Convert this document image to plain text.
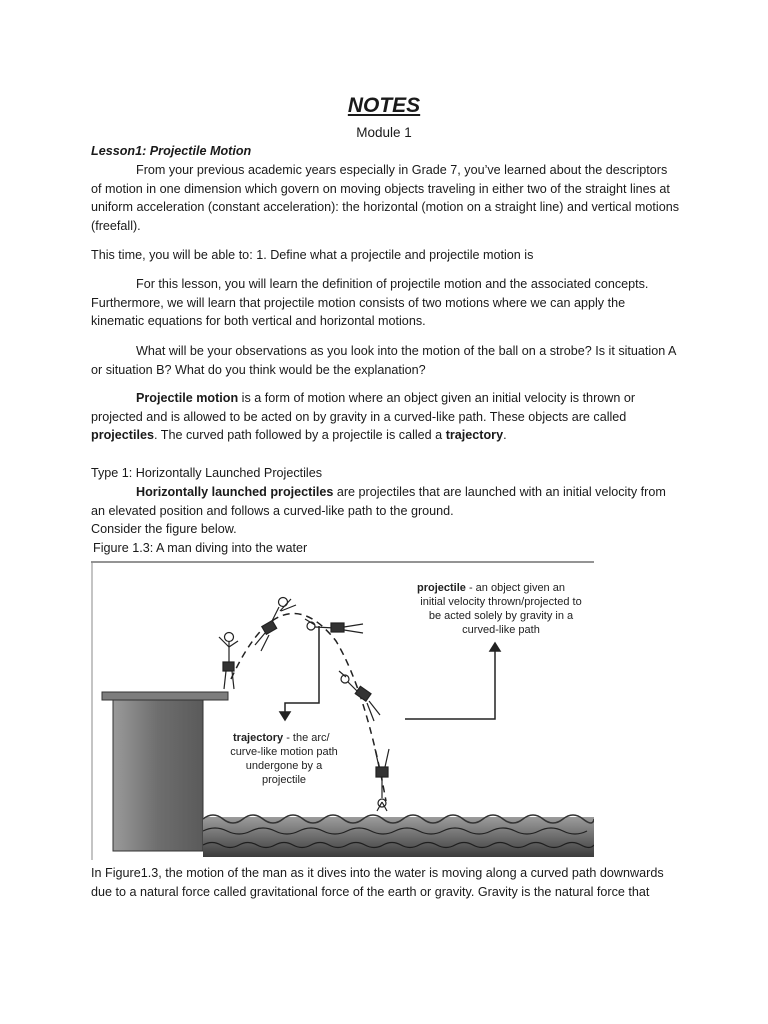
NOTES
Module 1

Lesson1: Projectile Motion

From your previous academic years especially in Grade 7, you’ve learned about the descriptors of motion in one dimension which govern on moving objects traveling in either two of the straight lines at uniform acceleration (constant acceleration): the horizontal (motion on a straight line) and vertical motions (freefall).

This time, you will be able to: 1. Define what a projectile and projectile motion is

For this lesson, you will learn the definition of projectile motion and the associated concepts. Furthermore, we will learn that projectile motion consists of two motions where we can apply the kinematic equations for both vertical and horizontal motions.

What will be your observations as you look into the motion of the ball on a strobe? Is it situation A or situation B? What do you think would be the explanation?

Projectile motion is a form of motion where an object given an initial velocity is thrown or projected and is allowed to be acted on by gravity in a curved-like path. These objects are called projectiles. The curved path followed by a projectile is called a trajectory.

Type 1: Horizontally Launched Projectiles

Horizontally launched projectiles are projectiles that are launched with an initial velocity from an elevated position and follows a curved-like path to the ground.

Consider the figure below.

Figure 1.3: A man diving into the water

projectile - an object given an
initial velocity thrown/projected to
be acted solely by gravity in a
curved-like path
trajectory - the arc/
curve-like motion path
undergone by a
projectile

In Figure1.3, the motion of the man as it dives into the water is moving along a curved path downwards due to a natural force called gravitational force of the earth or gravity. Gravity is the natural force that
